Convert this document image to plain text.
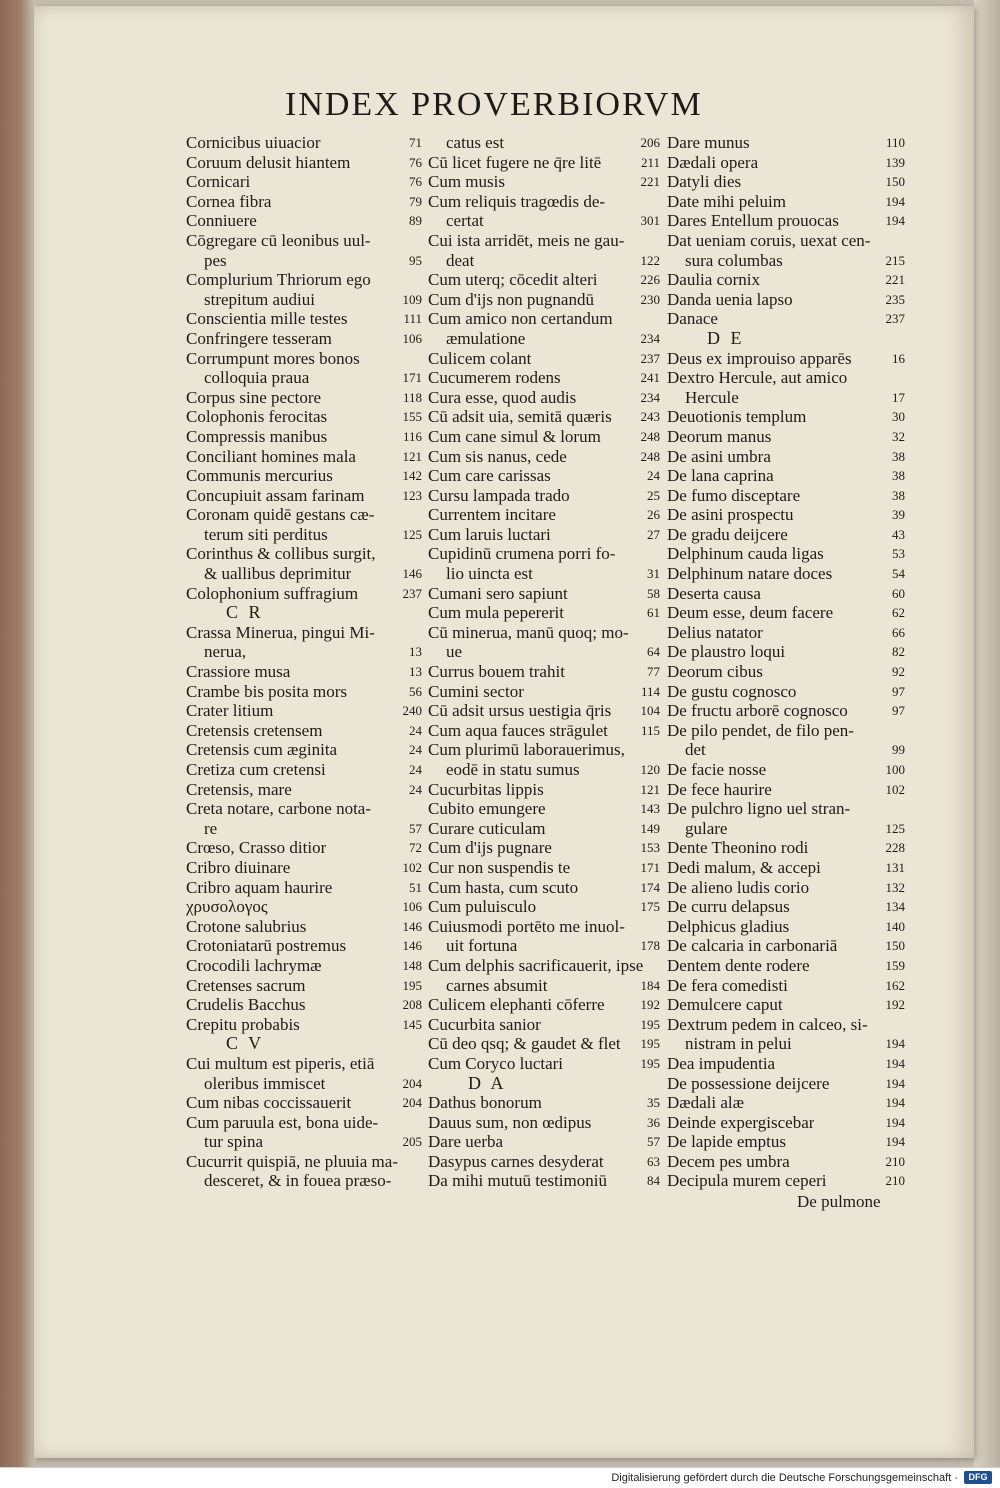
INDEX PROVERBIORVM
Cornicibus uiuacior	71
Coruum delusit hiantem	76
Cornicari	76
Cornea fibra	79
Conniuere	89
Cōgregare cū leonibus uul-
pes	95
Complurium Thriorum ego
strepitum audiui	109
Conscientia mille testes	111
Confringere tesseram	106
Corrumpunt mores bonos
colloquia praua	171
Corpus sine pectore	118
Colophonis ferocitas	155
Compressis manibus	116
Conciliant homines mala	121
Communis mercurius	142
Concupiuit assam farinam	123
Coronam quidē gestans cæ-
terum siti perditus	125
Corinthus & collibus surgit,
& uallibus deprimitur	146
Colophonium suffragium	237
C R
Crassa Minerua, pingui Mi-
nerua,	13
Crassiore musa	13
Crambe bis posita mors	56
Crater litium	240
Cretensis cretensem	24
Cretensis cum æginita	24
Cretiza cum cretensi	24
Cretensis, mare	24
Creta notare, carbone nota-
re	57
Crœso, Crasso ditior	72
Cribro diuinare	102
Cribro aquam haurire	51
χρυσολογος	106
Crotone salubrius	146
Crotoniatarū postremus	146
Crocodili lachrymæ	148
Cretenses sacrum	195
Crudelis Bacchus	208
Crepitu probabis	145
C V
Cui multum est piperis, etiā
oleribus immiscet	204
Cum nibas coccissauerit	204
Cum paruula est, bona uide-
tur spina	205
Cucurrit quispiā, ne pluuia ma-
desceret, & in fouea præso-
catus est	206
Cū licet fugere ne q̄re litē	211
Cum musis	221
Cum reliquis tragœdis de-
certat	301
Cui ista arridēt, meis ne gau-
deat	122
Cum uterq; cōcedit alteri	226
Cum d'ijs non pugnandū	230
Cum amico non certandum
æmulatione	234
Culicem colant	237
Cucumerem rodens	241
Cura esse, quod audis	234
Cū adsit uia, semitā quæris	243
Cum cane simul & lorum	248
Cum sis nanus, cede	248
Cum care carissas	24
Cursu lampada trado	25
Currentem incitare	26
Cum laruis luctari	27
Cupidinū crumena porri fo-
lio uincta est	31
Cumani sero sapiunt	58
Cum mula pepererit	61
Cū minerua, manū quoq; mo-
ue	64
Currus bouem trahit	77
Cumini sector	114
Cū adsit ursus uestigia q̄ris	104
Cum aqua fauces strāgulet	115
Cum plurimū laborauerimus,
eodē in statu sumus	120
Cucurbitas lippis	121
Cubito emungere	143
Curare cuticulam	149
Cum d'ijs pugnare	153
Cur non suspendis te	171
Cum hasta, cum scuto	174
Cum puluisculo	175
Cuiusmodi portēto me inuol-
uit fortuna	178
Cum delphis sacrificauerit, ipse
carnes absumit	184
Culicem elephanti cōferre	192
Cucurbita sanior	195
Cū deo qsq; & gaudet & flet	195
Cum Coryco luctari	195
D A
Dathus bonorum	35
Dauus sum, non œdipus	36
Dare uerba	57
Dasypus carnes desyderat	63
Da mihi mutuū testimoniū	84
Dare munus	110
Dædali opera	139
Datyli dies	150
Date mihi peluim	194
Dares Entellum prouocas	194
Dat ueniam coruis, uexat cen-
sura columbas	215
Daulia cornix	221
Danda uenia lapso	235
Danace	237
D E
Deus ex improuiso apparēs	16
Dextro Hercule, aut amico
Hercule	17
Deuotionis templum	30
Deorum manus	32
De asini umbra	38
De lana caprina	38
De fumo disceptare	38
De asini prospectu	39
De gradu deijcere	43
Delphinum cauda ligas	53
Delphinum natare doces	54
Deserta causa	60
Deum esse, deum facere	62
Delius natator	66
De plaustro loqui	82
Deorum cibus	92
De gustu cognosco	97
De fructu arborē cognosco	97
De pilo pendet, de filo pen-
det	99
De facie nosse	100
De fece haurire	102
De pulchro ligno uel stran-
gulare	125
Dente Theonino rodi	228
Dedi malum, & accepi	131
De alieno ludis corio	132
De curru delapsus	134
Delphicus gladius	140
De calcaria in carbonariā	150
Dentem dente rodere	159
De fera comedisti	162
Demulcere caput	192
Dextrum pedem in calceo, si-
nistram in pelui	194
Dea impudentia	194
De possessione deijcere	194
Dædali alæ	194
Deinde expergiscebar	194
De lapide emptus	194
Decem pes umbra	210
Decipula murem ceperi	210
De pulmone
Digitalisierung gefördert durch die Deutsche Forschungsgemeinschaft ·	DFG
